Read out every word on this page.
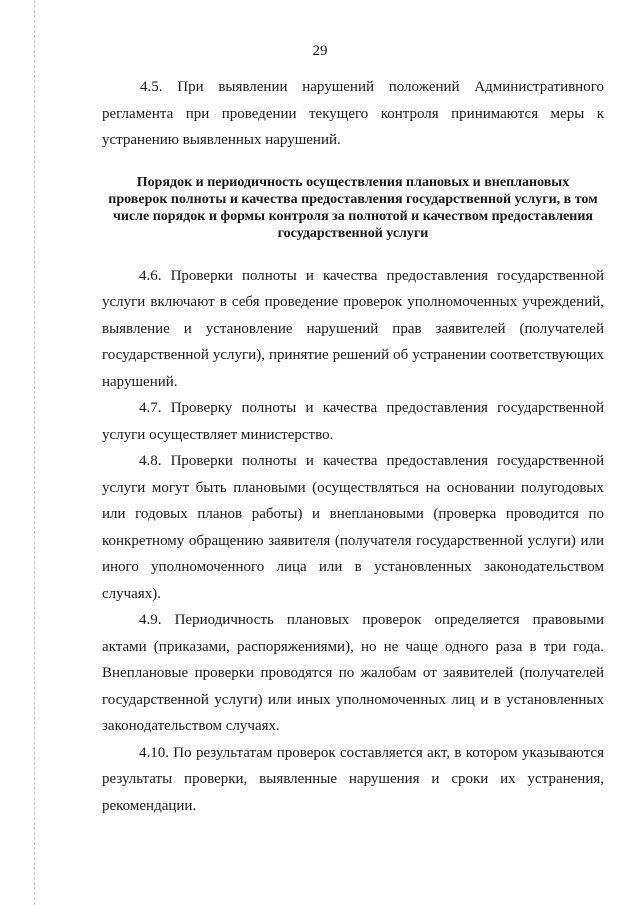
29

4.5. При выявлении нарушений положений Административного регламента при проведении текущего контроля принимаются меры к устранению выявленных нарушений.

Порядок и периодичность осуществления плановых и внеплановых проверок полноты и качества предоставления государственной услуги, в том числе порядок и формы контроля за полнотой и качеством предоставления государственной услуги

4.6. Проверки полноты и качества предоставления государственной услуги включают в себя проведение проверок уполномоченных учреждений, выявление и установление нарушений прав заявителей (получателей государственной услуги), принятие решений об устранении соответствующих нарушений.

4.7. Проверку полноты и качества предоставления государственной услуги осуществляет министерство.

4.8. Проверки полноты и качества предоставления государственной услуги могут быть плановыми (осуществляться на основании полугодовых или годовых планов работы) и внеплановыми (проверка проводится по конкретному обращению заявителя (получателя государственной услуги) или иного уполномоченного лица или в установленных законодательством случаях).

4.9. Периодичность плановых проверок определяется правовыми актами (приказами, распоряжениями), но не чаще одного раза в три года. Внеплановые проверки проводятся по жалобам от заявителей (получателей государственной услуги) или иных уполномоченных лиц и в установленных законодательством случаях.

4.10. По результатам проверок составляется акт, в котором указываются результаты проверки, выявленные нарушения и сроки их устранения, рекомендации.
